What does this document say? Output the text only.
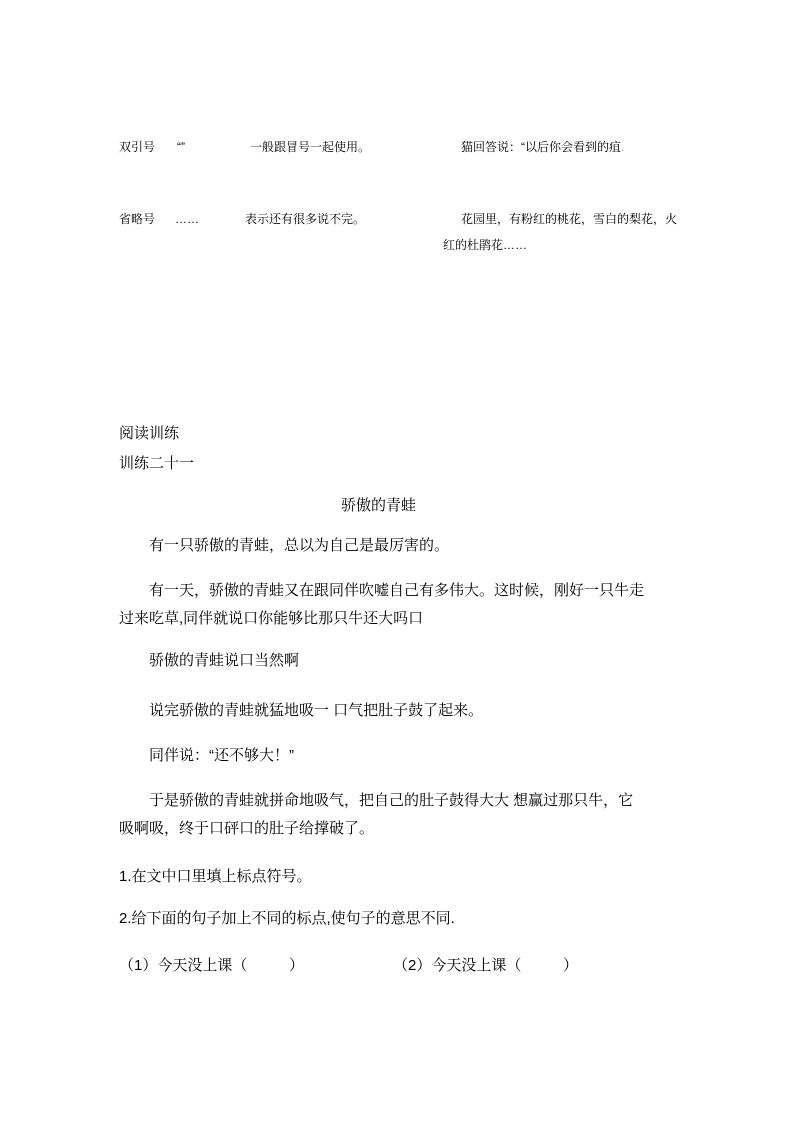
双引号 “”	一般跟冒号一起使用。	猫回答说：“以后你会看到的疽.
省略号 ……	表示还有很多说不完。	花园里，有粉红的桃花，雪白的梨花，火
红的杜鹃花……
阅读训练
训练二十一
骄傲的青蛙
有一只骄傲的青蛙，总以为自己是最厉害的。
有一天，骄傲的青蛙又在跟同伴吹嘘自己有多伟大。这时候，刚好一只牛走
过来吃草,同伴就说口你能够比那只牛还大吗口
骄傲的青蛙说口当然啊
说完骄傲的青蛙就猛地吸一 口气把肚子鼓了起来。
同伴说：“还不够大！”
于是骄傲的青蛙就拼命地吸气，把自己的肚子鼓得大大 想赢过那只牛，它
吸啊吸，终于口砰口的肚子给撑破了。
1.在文中口里填上标点符号。
2.给下面的句子加上不同的标点,使句子的意思不同.
（1）今天没上课（          ）	（2）今天没上课（          ）
